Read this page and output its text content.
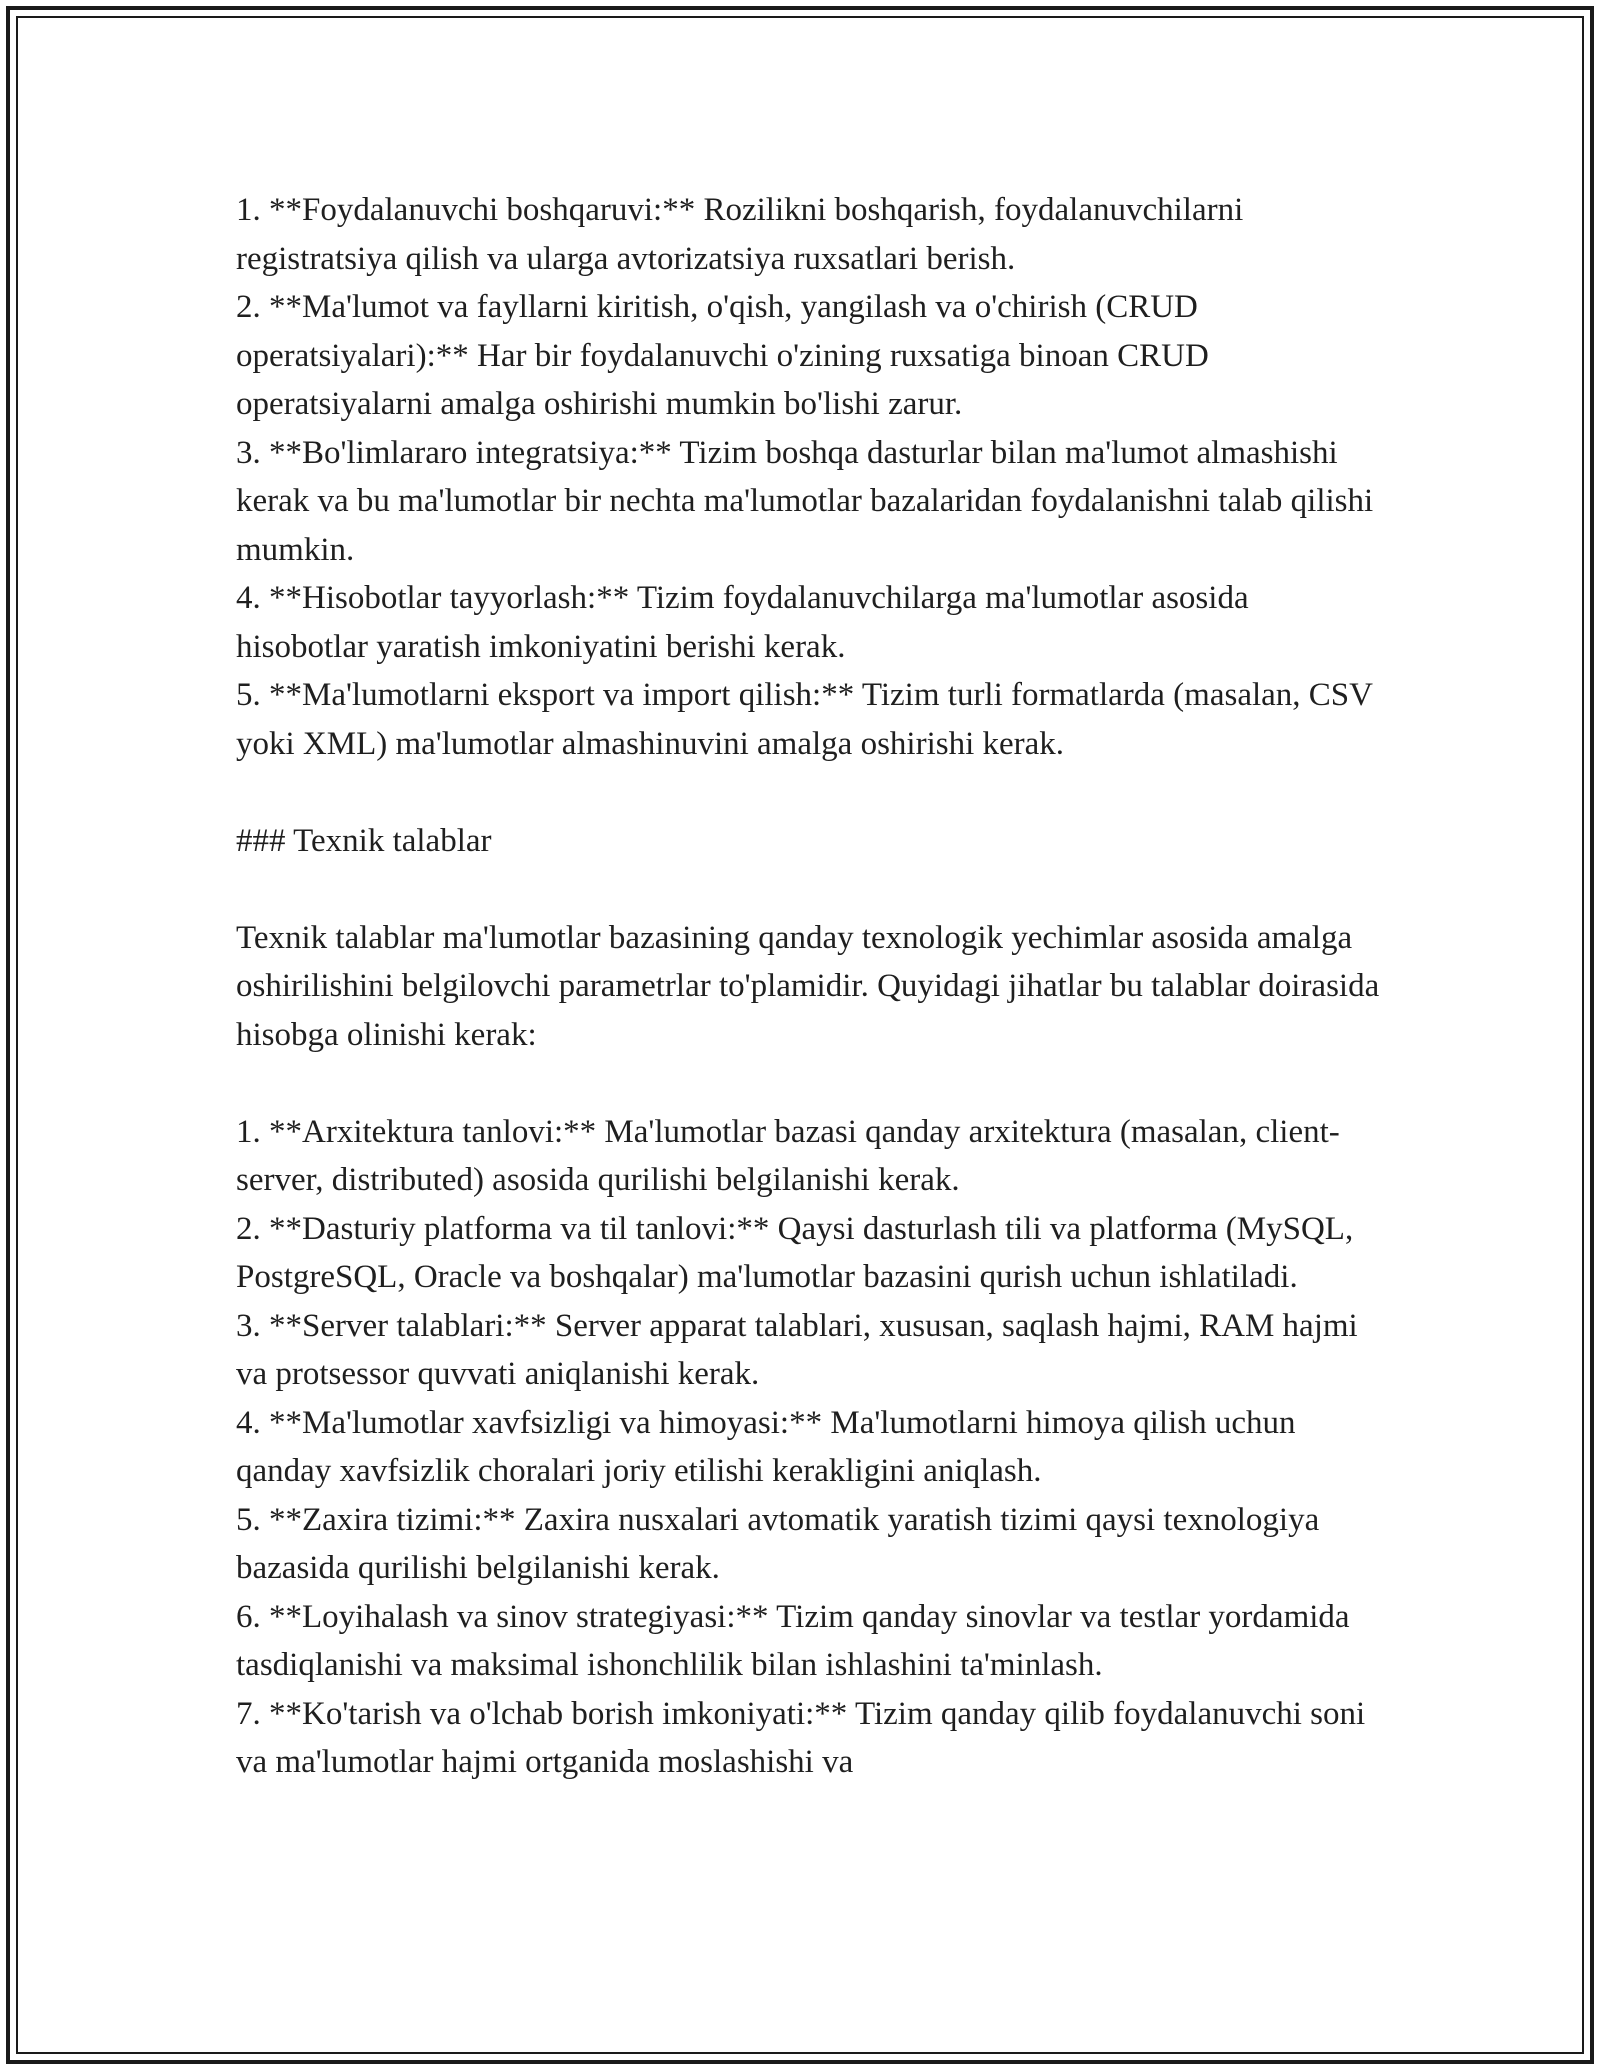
1. **Foydalanuvchi boshqaruvi:** Rozilikni boshqarish, foydalanuvchilarni registratsiya qilish va ularga avtorizatsiya ruxsatlari berish.

2. **Ma'lumot va fayllarni kiritish, o'qish, yangilash va o'chirish (CRUD operatsiyalari):** Har bir foydalanuvchi o'zining ruxsatiga binoan CRUD operatsiyalarni amalga oshirishi mumkin bo'lishi zarur.

3. **Bo'limlararo integratsiya:** Tizim boshqa dasturlar bilan ma'lumot almashishi kerak va bu ma'lumotlar bir nechta ma'lumotlar bazalaridan foydalanishni talab qilishi mumkin.

4. **Hisobotlar tayyorlash:** Tizim foydalanuvchilarga ma'lumotlar asosida hisobotlar yaratish imkoniyatini berishi kerak.

5. **Ma'lumotlarni eksport va import qilish:** Tizim turli formatlarda (masalan, CSV yoki XML) ma'lumotlar almashinuvini amalga oshirishi kerak.

### Texnik talablar

Texnik talablar ma'lumotlar bazasining qanday texnologik yechimlar asosida amalga oshirilishini belgilovchi parametrlar to'plamidir. Quyidagi jihatlar bu talablar doirasida hisobga olinishi kerak:

1. **Arxitektura tanlovi:** Ma'lumotlar bazasi qanday arxitektura (masalan, client-server, distributed) asosida qurilishi belgilanishi kerak.

2. **Dasturiy platforma va til tanlovi:** Qaysi dasturlash tili va platforma (MySQL, PostgreSQL, Oracle va boshqalar) ma'lumotlar bazasini qurish uchun ishlatiladi.

3. **Server talablari:** Server apparat talablari, xususan, saqlash hajmi, RAM hajmi va protsessor quvvati aniqlanishi kerak.

4. **Ma'lumotlar xavfsizligi va himoyasi:** Ma'lumotlarni himoya qilish uchun qanday xavfsizlik choralari joriy etilishi kerakligini aniqlash.

5. **Zaxira tizimi:** Zaxira nusxalari avtomatik yaratish tizimi qaysi texnologiya bazasida qurilishi belgilanishi kerak.

6. **Loyihalash va sinov strategiyasi:** Tizim qanday sinovlar va testlar yordamida tasdiqlanishi va maksimal ishonchlilik bilan ishlashini ta'minlash.

7. **Ko'tarish va o'lchab borish imkoniyati:** Tizim qanday qilib foydalanuvchi soni va ma'lumotlar hajmi ortganida moslashishi va
